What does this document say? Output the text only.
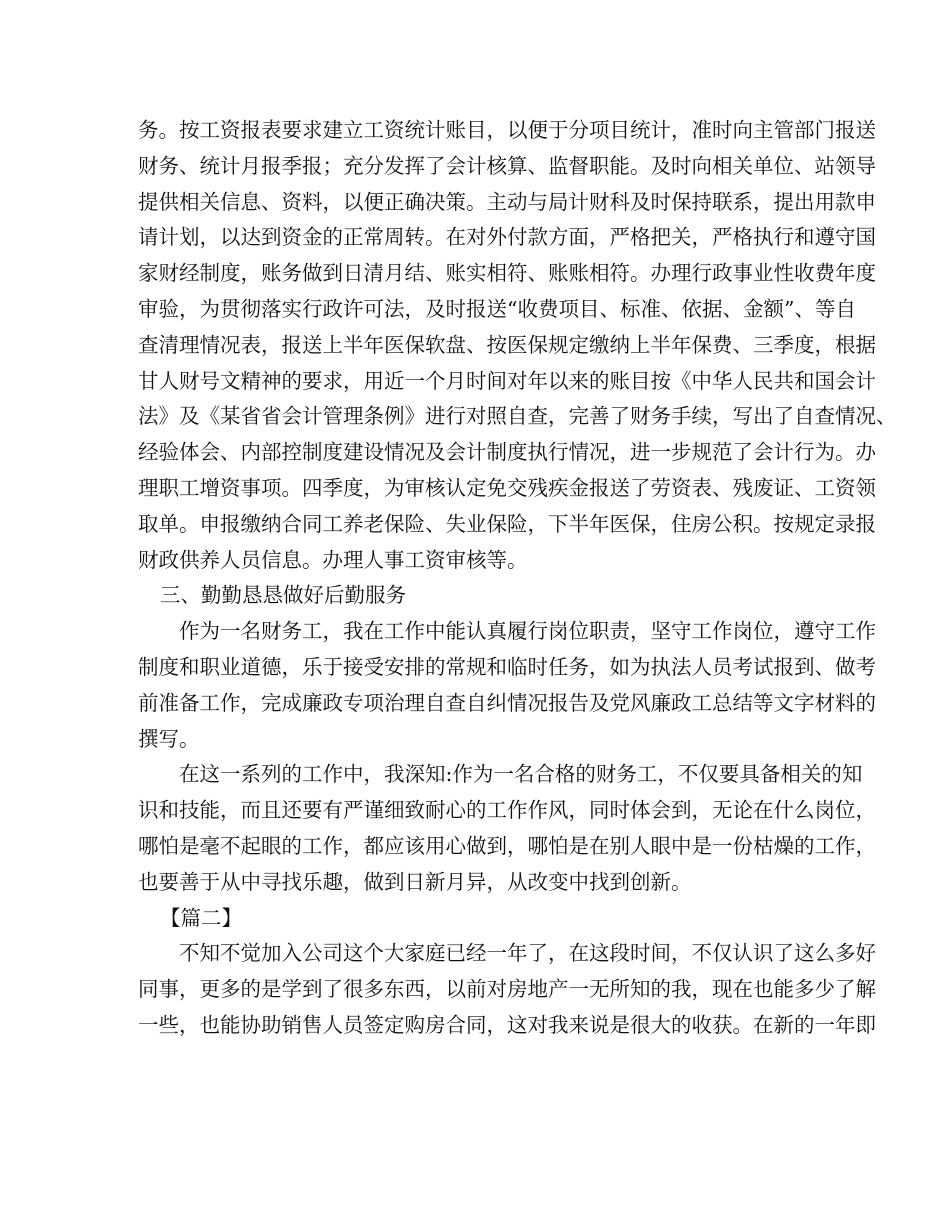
务。按工资报表要求建立工资统计账目，以便于分项目统计，准时向主管部门报送
财务、统计月报季报；充分发挥了会计核算、监督职能。及时向相关单位、站领导
提供相关信息、资料，以便正确决策。主动与局计财科及时保持联系，提出用款申
请计划，以达到资金的正常周转。在对外付款方面，严格把关，严格执行和遵守国
家财经制度，账务做到日清月结、账实相符、账账相符。办理行政事业性收费年度
审验，为贯彻落实行政许可法，及时报送“收费项目、标准、依据、金额”、等自
查清理情况表，报送上半年医保软盘、按医保规定缴纳上半年保费、三季度，根据
甘人财号文精神的要求，用近一个月时间对年以来的账目按《中华人民共和国会计
法》及《某省省会计管理条例》进行对照自查，完善了财务手续，写出了自查情况、
经验体会、内部控制度建设情况及会计制度执行情况，进一步规范了会计行为。办
理职工增资事项。四季度，为审核认定免交残疾金报送了劳资表、残废证、工资领
取单。申报缴纳合同工养老保险、失业保险，下半年医保，住房公积。按规定录报
财政供养人员信息。办理人事工资审核等。
三、勤勤恳恳做好后勤服务
作为一名财务工，我在工作中能认真履行岗位职责，坚守工作岗位，遵守工作
制度和职业道德，乐于接受安排的常规和临时任务，如为执法人员考试报到、做考
前准备工作，完成廉政专项治理自查自纠情况报告及党风廉政工总结等文字材料的
撰写。
在这一系列的工作中，我深知:作为一名合格的财务工，不仅要具备相关的知
识和技能，而且还要有严谨细致耐心的工作作风，同时体会到，无论在什么岗位，
哪怕是毫不起眼的工作，都应该用心做到，哪怕是在别人眼中是一份枯燥的工作，
也要善于从中寻找乐趣，做到日新月异，从改变中找到创新。
【篇二】
不知不觉加入公司这个大家庭已经一年了，在这段时间，不仅认识了这么多好
同事，更多的是学到了很多东西，以前对房地产一无所知的我，现在也能多少了解
一些，也能协助销售人员签定购房合同，这对我来说是很大的收获。在新的一年即
